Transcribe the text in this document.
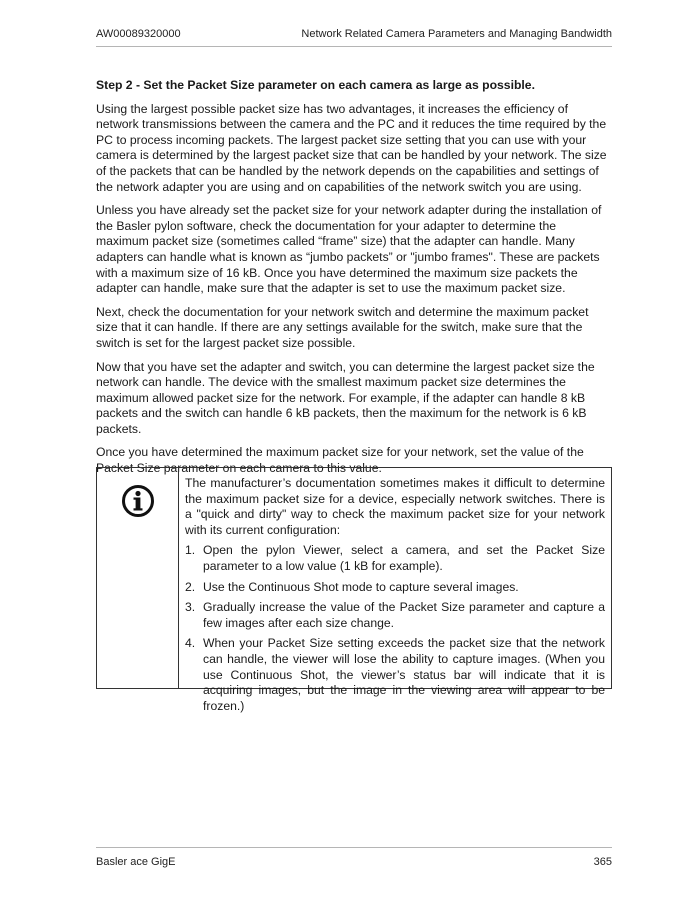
AW00089320000	Network Related Camera Parameters and Managing Bandwidth

Step 2 - Set the Packet Size parameter on each camera as large as possible.

Using the largest possible packet size has two advantages, it increases the efficiency of network transmissions between the camera and the PC and it reduces the time required by the PC to process incoming packets. The largest packet size setting that you can use with your camera is determined by the largest packet size that can be handled by your network. The size of the packets that can be handled by the network depends on the capabilities and settings of the network adapter you are using and on capabilities of the network switch you are using.

Unless you have already set the packet size for your network adapter during the installation of the Basler pylon software, check the documentation for your adapter to determine the maximum packet size (sometimes called “frame” size) that the adapter can handle. Many adapters can handle what is known as “jumbo packets” or "jumbo frames". These are packets with a maximum size of 16 kB. Once you have determined the maximum size packets the adapter can handle, make sure that the adapter is set to use the maximum packet size.

Next, check the documentation for your network switch and determine the maximum packet size that it can handle. If there are any settings available for the switch, make sure that the switch is set for the largest packet size possible.

Now that you have set the adapter and switch, you can determine the largest packet size the network can handle. The device with the smallest maximum packet size determines the maximum allowed packet size for the network. For example, if the adapter can handle 8 kB packets and the switch can handle 6 kB packets, then the maximum for the network is 6 kB packets.

Once you have determined the maximum packet size for your network, set the value of the Packet Size parameter on each camera to this value.

The manufacturer’s documentation sometimes makes it difficult to determine the maximum packet size for a device, especially network switches. There is a "quick and dirty" way to check the maximum packet size for your network with its current configuration:

1. Open the pylon Viewer, select a camera, and set the Packet Size parameter to a low value (1 kB for example).
2. Use the Continuous Shot mode to capture several images.
3. Gradually increase the value of the Packet Size parameter and capture a few images after each size change.
4. When your Packet Size setting exceeds the packet size that the network can handle, the viewer will lose the ability to capture images. (When you use Continuous Shot, the viewer’s status bar will indicate that it is acquiring images, but the image in the viewing area will appear to be frozen.)
Basler ace GigE	365
